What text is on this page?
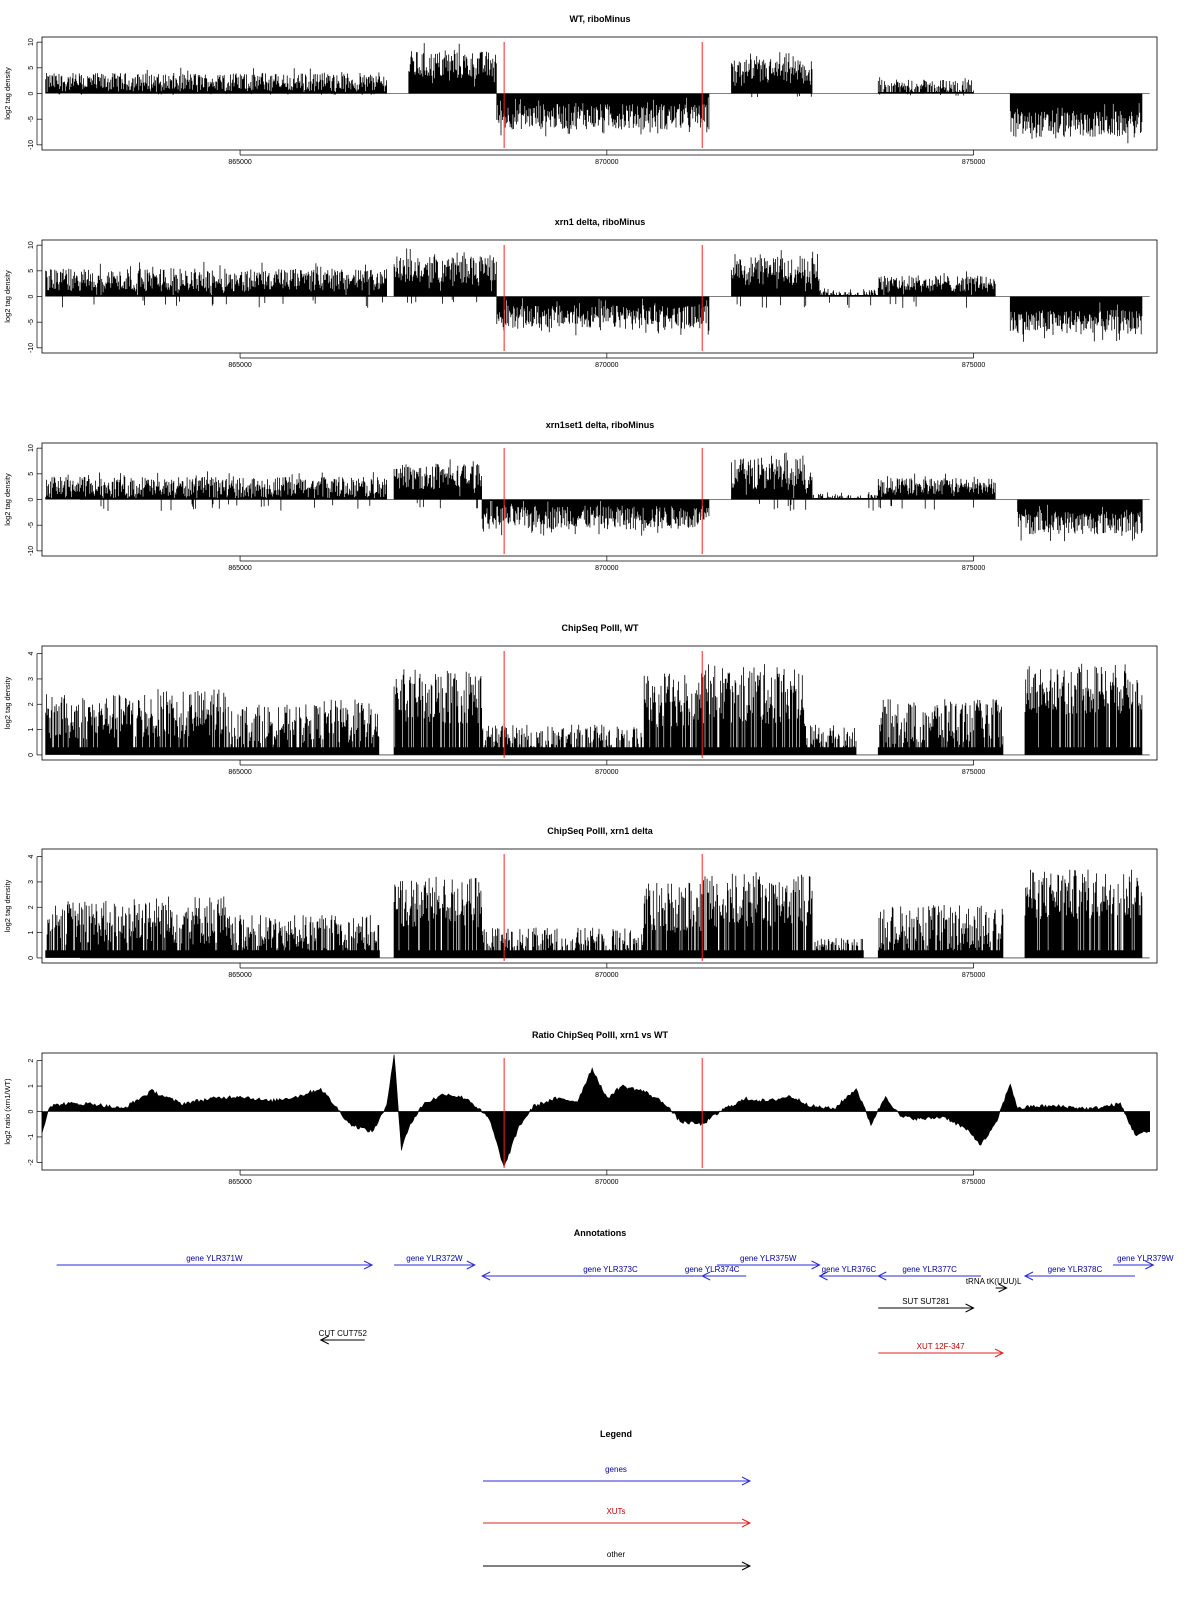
WT, riboMinus
-10
-5
0
5
10
log2 tag density
865000	870000	875000
xrn1 delta, riboMinus
-10
-5
0
5
10
log2 tag density
865000	870000	875000
xrn1set1 delta, riboMinus
-10
-5
0
5
10
log2 tag density
865000	870000	875000
ChipSeq PolII, WT
0
1
2
3
4
log2 tag density
865000	870000	875000
ChipSeq PolII, xrn1 delta
0
1
2
3
4
log2 tag density
865000	870000	875000
Ratio ChipSeq PolII, xrn1 vs WT
-2
-1
0
1
2
log2 ratio (xrn1/WT)
865000	870000	875000
Annotations
gene YLR371W	gene YLR372W
gene YLR373C	gene YLR374C
gene YLR375W
gene YLR376C	gene YLR377C	gene YLR378C
gene YLR379W
tRNA tK(UUU)L
SUT SUT281
CUT CUT752
XUT 12F-347
Legend
genes
XUTs
other
